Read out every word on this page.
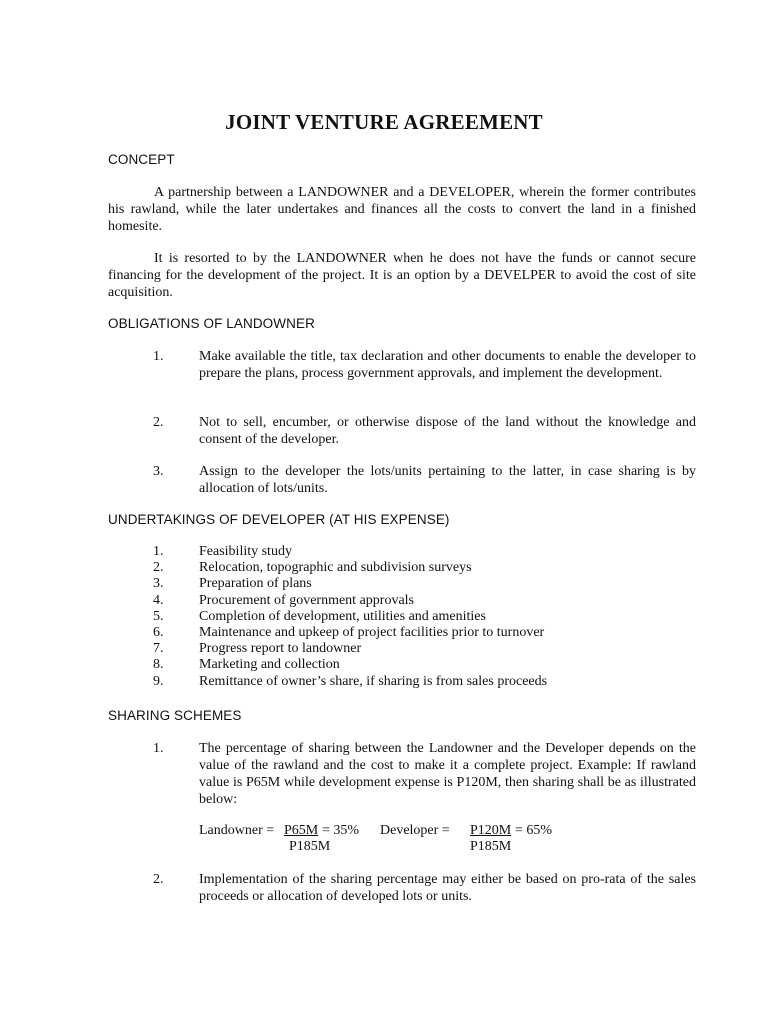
JOINT VENTURE AGREEMENT
CONCEPT

A partnership between a LANDOWNER and a DEVELOPER, wherein the former contributes his rawland, while the later undertakes and finances all the costs to convert the land in a finished homesite.

It is resorted to by the LANDOWNER when he does not have the funds or cannot secure financing for the development of the project. It is an option by a DEVELPER to avoid the cost of site acquisition.

OBLIGATIONS OF LANDOWNER
1.	Make available the title, tax declaration and other documents to enable the developer to prepare the plans, process government approvals, and implement the development.

2.	Not to sell, encumber, or otherwise dispose of the land without the knowledge and consent of the developer.

3.	Assign to the developer the lots/units pertaining to the latter, in case sharing is by allocation of lots/units.

UNDERTAKINGS OF DEVELOPER (AT HIS EXPENSE)
1.	Feasibility study
2.	Relocation, topographic and subdivision surveys
3.	Preparation of plans
4.	Procurement of government approvals
5.	Completion of development, utilities and amenities
6.	Maintenance and upkeep of project facilities prior to turnover
7.	Progress report to landowner
8.	Marketing and collection
9.	Remittance of owner’s share, if sharing is from sales proceeds
SHARING SCHEMES
1.	The percentage of sharing between the Landowner and the Developer depends on the value of the rawland and the cost to make it a complete project. Example: If rawland value is P65M while development expense is P120M, then sharing shall be as illustrated below:

Landowner = P65M = 35% Developer = P120M = 65%
P185M	P185M
2.	Implementation of the sharing percentage may either be based on pro-rata of the sales proceeds or allocation of developed lots or units.
